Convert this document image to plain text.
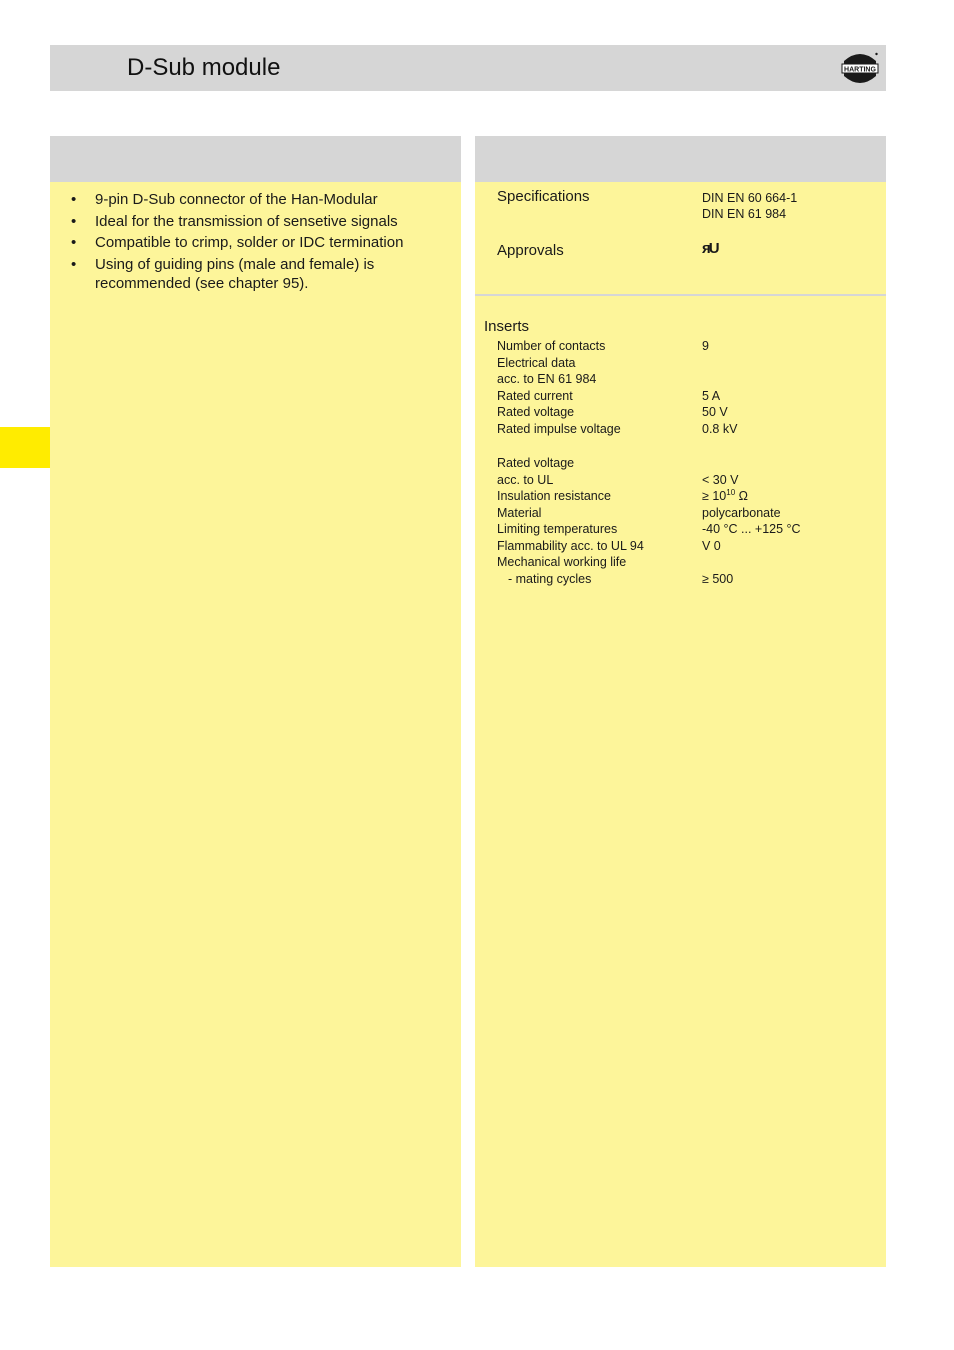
D-Sub module	HARTING
• 9-pin D-Sub connector of the Han-Modular
• Ideal for the transmission of sensetive signals
• Compatible to crimp, solder or IDC termination
• Using of guiding pins (male and female) is
recommended (see chapter 95).
Specifications	DIN EN 60 664-1
DIN EN 61 984
Approvals	ᴙU
Inserts
Number of contacts	9
Electrical data
acc. to EN 61 984
Rated current	5 A
Rated voltage	50 V
Rated impulse voltage	0.8 kV
Rated voltage
acc. to UL	< 30 V
Insulation resistance	≥ $10^{10}$ Ω
Material	polycarbonate
Limiting temperatures	-40 °C ... +125 °C
Flammability acc. to UL 94	V 0
Mechanical working life
- mating cycles	≥ 500
